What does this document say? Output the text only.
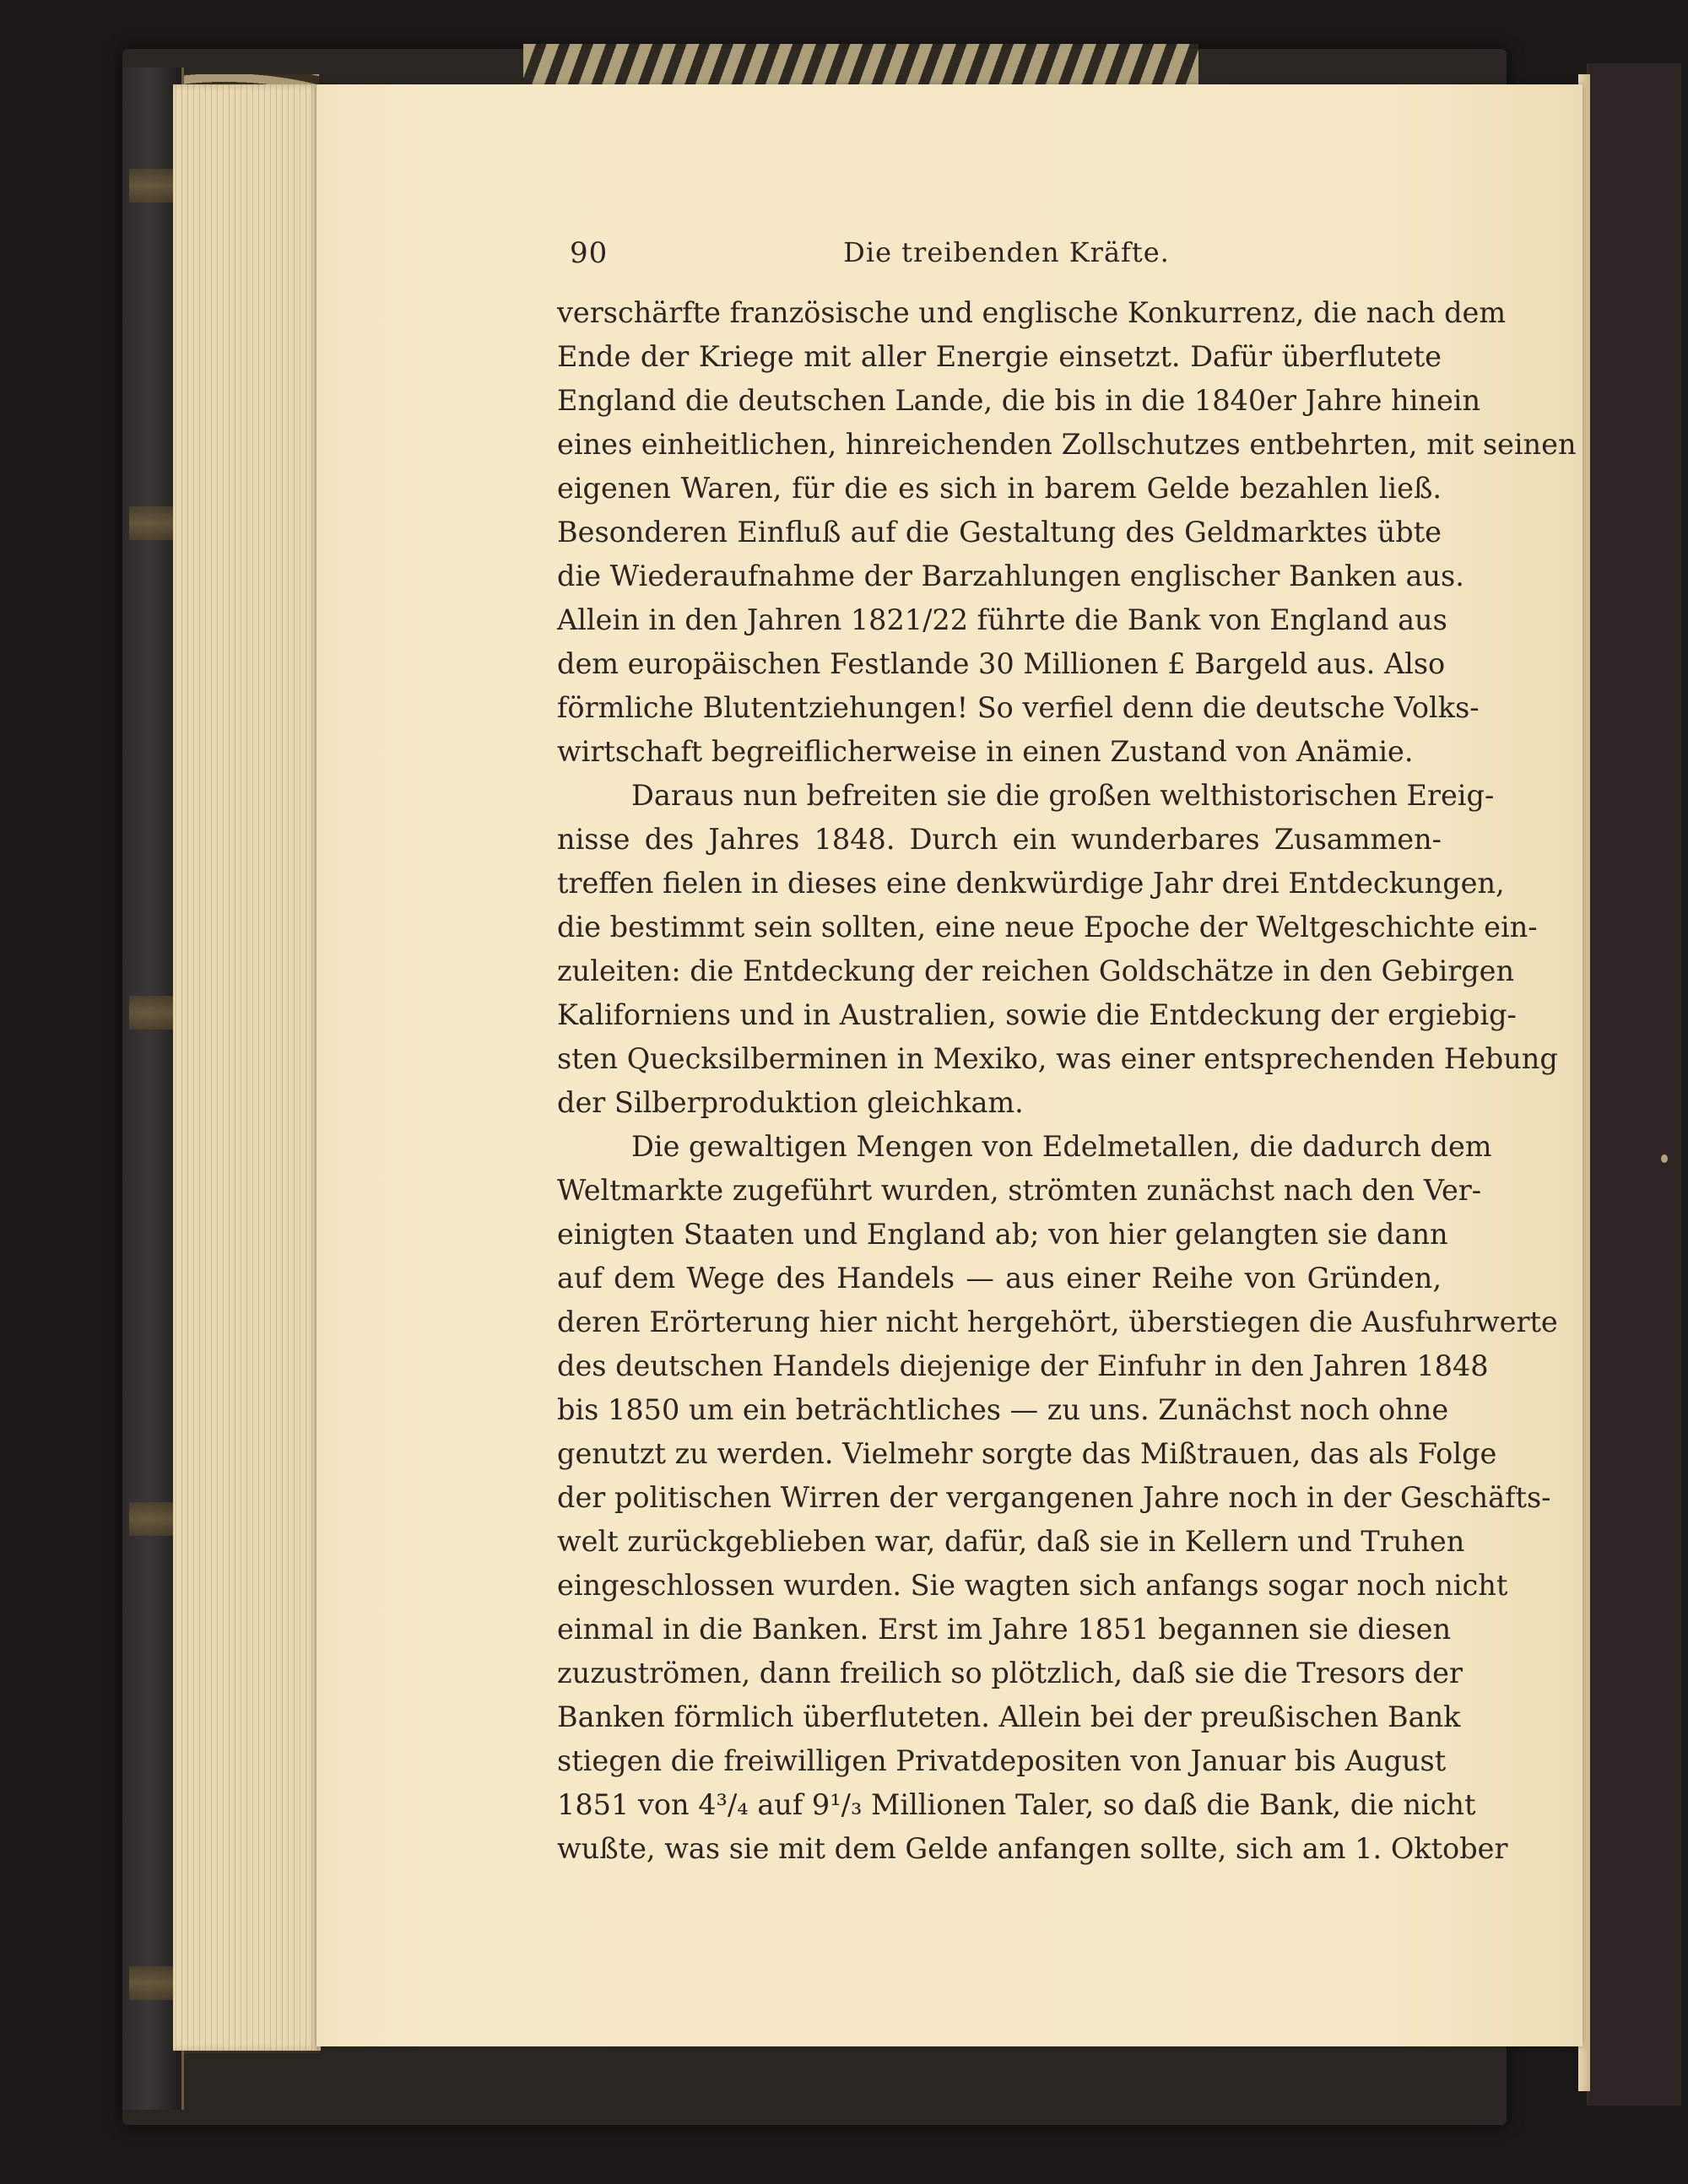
90	Die treibenden Kräfte.
verschärfte französische und englische Konkurrenz, die nach dem
Ende der Kriege mit aller Energie einsetzt. Dafür überflutete
England die deutschen Lande, die bis in die 1840er Jahre hinein
eines einheitlichen, hinreichenden Zollschutzes entbehrten, mit seinen
eigenen Waren, für die es sich in barem Gelde bezahlen ließ.
Besonderen Einfluß auf die Gestaltung des Geldmarktes übte
die Wiederaufnahme der Barzahlungen englischer Banken aus.
Allein in den Jahren 1821/22 führte die Bank von England aus
dem europäischen Festlande 30 Millionen £ Bargeld aus. Also
förmliche Blutentziehungen! So verfiel denn die deutsche Volks-
wirtschaft begreiflicherweise in einen Zustand von Anämie.
Daraus nun befreiten sie die großen welthistorischen Ereig-
nisse des Jahres 1848. Durch ein wunderbares Zusammen-
treffen fielen in dieses eine denkwürdige Jahr drei Entdeckungen,
die bestimmt sein sollten, eine neue Epoche der Weltgeschichte ein-
zuleiten: die Entdeckung der reichen Goldschätze in den Gebirgen
Kaliforniens und in Australien, sowie die Entdeckung der ergiebig-
sten Quecksilberminen in Mexiko, was einer entsprechenden Hebung
der Silberproduktion gleichkam.
Die gewaltigen Mengen von Edelmetallen, die dadurch dem
Weltmarkte zugeführt wurden, strömten zunächst nach den Ver-
einigten Staaten und England ab; von hier gelangten sie dann
auf dem Wege des Handels — aus einer Reihe von Gründen,
deren Erörterung hier nicht hergehört, überstiegen die Ausfuhrwerte
des deutschen Handels diejenige der Einfuhr in den Jahren 1848
bis 1850 um ein beträchtliches — zu uns. Zunächst noch ohne
genutzt zu werden. Vielmehr sorgte das Mißtrauen, das als Folge
der politischen Wirren der vergangenen Jahre noch in der Geschäfts-
welt zurückgeblieben war, dafür, daß sie in Kellern und Truhen
eingeschlossen wurden. Sie wagten sich anfangs sogar noch nicht
einmal in die Banken. Erst im Jahre 1851 begannen sie diesen
zuzuströmen, dann freilich so plötzlich, daß sie die Tresors der
Banken förmlich überfluteten. Allein bei der preußischen Bank
stiegen die freiwilligen Privatdepositen von Januar bis August
1851 von 4³/₄ auf 9¹/₃ Millionen Taler, so daß die Bank, die nicht
wußte, was sie mit dem Gelde anfangen sollte, sich am 1. Oktober
